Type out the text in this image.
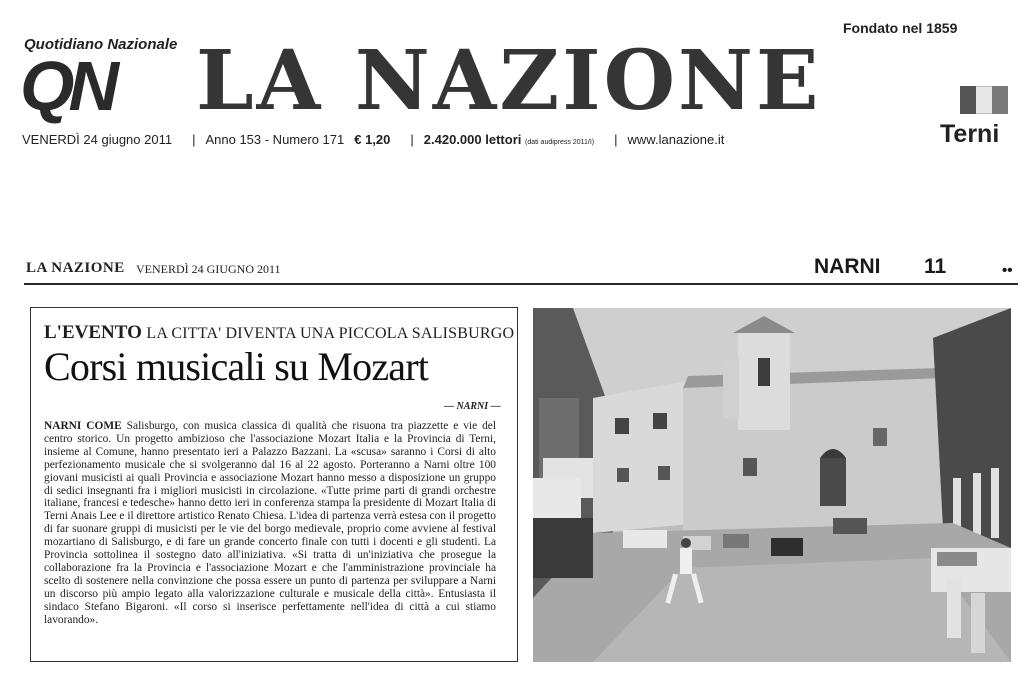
Quotidiano Nazionale
Fondato nel 1859
QN LA NAZIONE
VENERDÌ 24 giugno 2011 | Anno 153 - Numero 171 € 1,20 | 2.420.000 lettori (dati audipress 2011/I) | www.lanazione.it	Terni
LA NAZIONE VENERDÌ 24 GIUGNO 2011	NARNI 11	••
L'EVENTO LA CITTA' DIVENTA UNA PICCOLA SALISBURGO
Corsi musicali su Mozart
— NARNI —
NARNI COME Salisburgo, con musica classica di qualità che risuona tra piazzette e vie del centro storico. Un progetto ambizioso che l'associazione Mozart Italia e la Provincia di Terni, insieme al Comune, hanno presentato ieri a Palazzo Bazzani. La «scusa» saranno i Corsi di alto perfezionamento musicale che si svolgeranno dal 16 al 22 agosto. Porteranno a Narni oltre 100 giovani musicisti ai quali Provincia e associazione Mozart hanno messo a disposizione un gruppo di sedici insegnanti fra i migliori musicisti in circolazione. «Tutte prime parti di grandi orchestre italiane, francesi e tedesche» hanno detto ieri in conferenza stampa la presidente di Mozart Italia di Terni Anais Lee e il direttore artistico Renato Chiesa. L'idea di partenza verrà estesa con il progetto di far suonare gruppi di musicisti per le vie del borgo medievale, proprio come avviene al festival mozartiano di Salisburgo, e di fare un grande concerto finale con tutti i docenti e gli studenti. La Provincia sottolinea il sostegno dato all'iniziativa. «Si tratta di un'iniziativa che prosegue la collaborazione fra la Provincia e l'associazione Mozart e che l'amministrazione provinciale ha scelto di sostenere nella convinzione che possa essere un punto di partenza per sviluppare a Narni un discorso più ampio legato alla valorizzazione culturale e musicale della città». Entusiasta il sindaco Stefano Bigaroni. «Il corso si inserisce perfettamente nell'idea di città a cui stiamo lavorando».
